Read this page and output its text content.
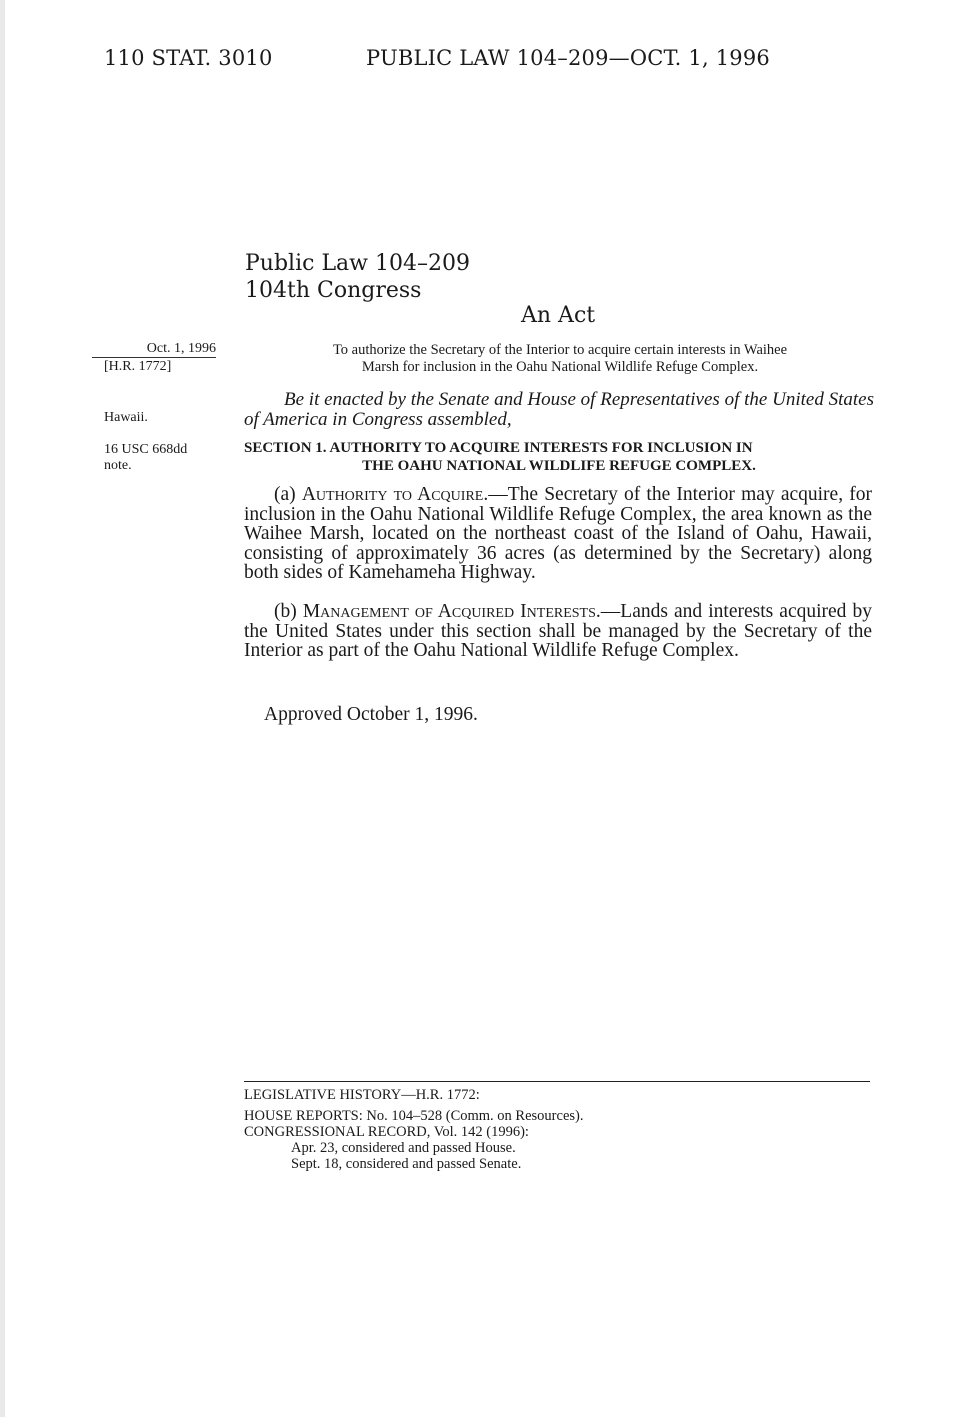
110 STAT. 3010	PUBLIC LAW 104–209—OCT. 1, 1996
Public Law 104–209
104th Congress
An Act
Oct. 1, 1996
[H.R. 1772]
Hawaii.
16 USC 668dd
note.
To authorize the Secretary of the Interior to acquire certain interests in Waihee
Marsh for inclusion in the Oahu National Wildlife Refuge Complex.
Be it enacted by the Senate and House of Representatives of the United States of America in Congress assembled,
SECTION 1. AUTHORITY TO ACQUIRE INTERESTS FOR INCLUSION IN
THE OAHU NATIONAL WILDLIFE REFUGE COMPLEX.

(a) Authority to Acquire.—The Secretary of the Interior may acquire, for inclusion in the Oahu National Wildlife Refuge Complex, the area known as the Waihee Marsh, located on the northeast coast of the Island of Oahu, Hawaii, consisting of approximately 36 acres (as determined by the Secretary) along both sides of Kamehameha Highway.

(b) Management of Acquired Interests.—Lands and interests acquired by the United States under this section shall be managed by the Secretary of the Interior as part of the Oahu National Wildlife Refuge Complex.

Approved October 1, 1996.
LEGISLATIVE HISTORY—H.R. 1772:
HOUSE REPORTS: No. 104–528 (Comm. on Resources).
CONGRESSIONAL RECORD, Vol. 142 (1996):
Apr. 23, considered and passed House.
Sept. 18, considered and passed Senate.
